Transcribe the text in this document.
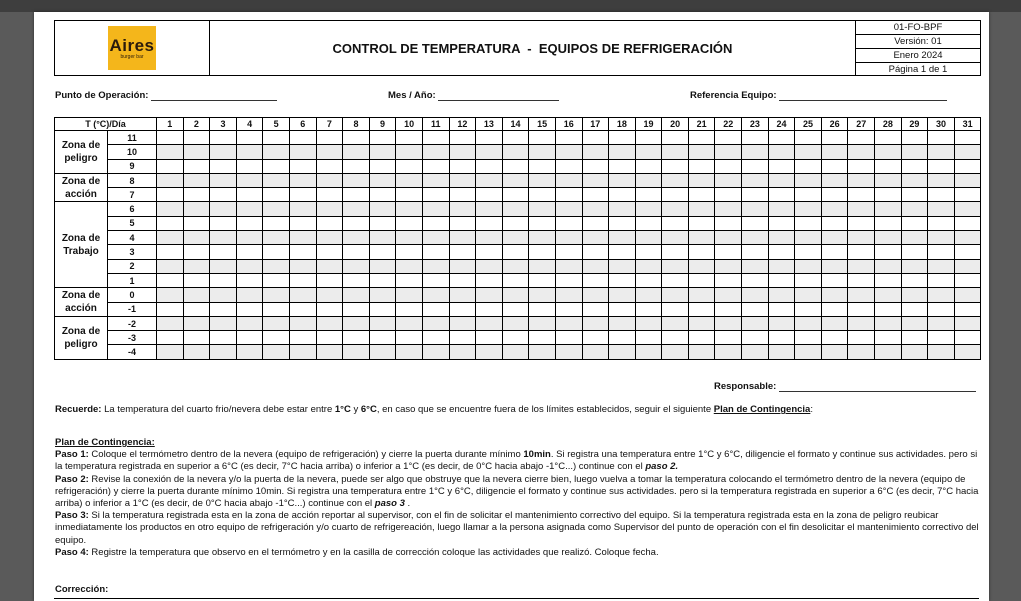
Aires
burger bar
CONTROL DE TEMPERATURA  -  EQUIPOS DE REFRIGERACIÓN
01-FO-BPF
Versión: 01
Enero 2024
Página 1 de 1
Punto de Operación:	Mes / Año:	Referencia Equipo:
T (°C)/Día		1	2	3	4	5	6	7	8	9	10	11	12	13	14	15	16	17	18	19	20	21	22	23	24	25	26	27	28	29	30	31
Zona de peligro	11																															
	10																															
	9																															
Zona de acción	8																															
	7																															
Zona de Trabajo	6																															
	5																															
	4																															
	3																															
	2																															
	1																															
Zona de acción	0																															
	-1																															
Zona de peligro	-2																															
	-3																															
	-4																															
Responsable:
Recuerde: La temperatura del cuarto frio/nevera debe estar entre 1°C y 6°C, en caso que se encuentre fuera de los límites establecidos, seguir el siguiente Plan de Contingencia:

Plan de Contingencia:

Paso 1: Coloque el termómetro dentro de la nevera (equipo de refrigeración) y cierre la puerta durante mínimo 10min. Si registra una temperatura entre 1°C y 6°C, diligencie el formato y continue sus actividades. pero si la temperatura registrada en superior a 6°C (es decir, 7°C hacia arriba) o inferior a 1°C (es decir, de 0°C hacia abajo -1°C...) continue con el paso 2.

Paso 2: Revise la conexión de la nevera y/o la puerta de la nevera, puede ser algo que obstruye que la nevera cierre bien, luego vuelva a tomar la temperatura colocando el termómetro dentro de la nevera (equipo de refrigeración) y cierre la puerta durante mínimo 10min. Si registra una temperatura entre 1°C y 6°C, diligencie el formato y continue sus actividades. pero si la temperatura registrada en superior a 6°C (es decir, 7°C hacia arriba) o inferior a 1°C (es decir, de 0°C hacia abajo -1°C...) continue con el paso 3 .

Paso 3: Si la temperatura registrada esta en la zona de acción reportar al supervisor, con el fin de solicitar el mantenimiento correctivo del equipo. Si la temperatura registrada esta en la zona de peligro reubicar inmediatamente los productos en otro equipo de refrigeración y/o cuarto de refrigereación, luego llamar a la persona asignada como Supervisor del punto de operación con el fin desolicitar el mantenimiento correctivo del equipo.

Paso 4: Registre la temperatura que observo en el termómetro y en la casilla de corrección coloque las actividades que realizó. Coloque fecha.

Corrección:
